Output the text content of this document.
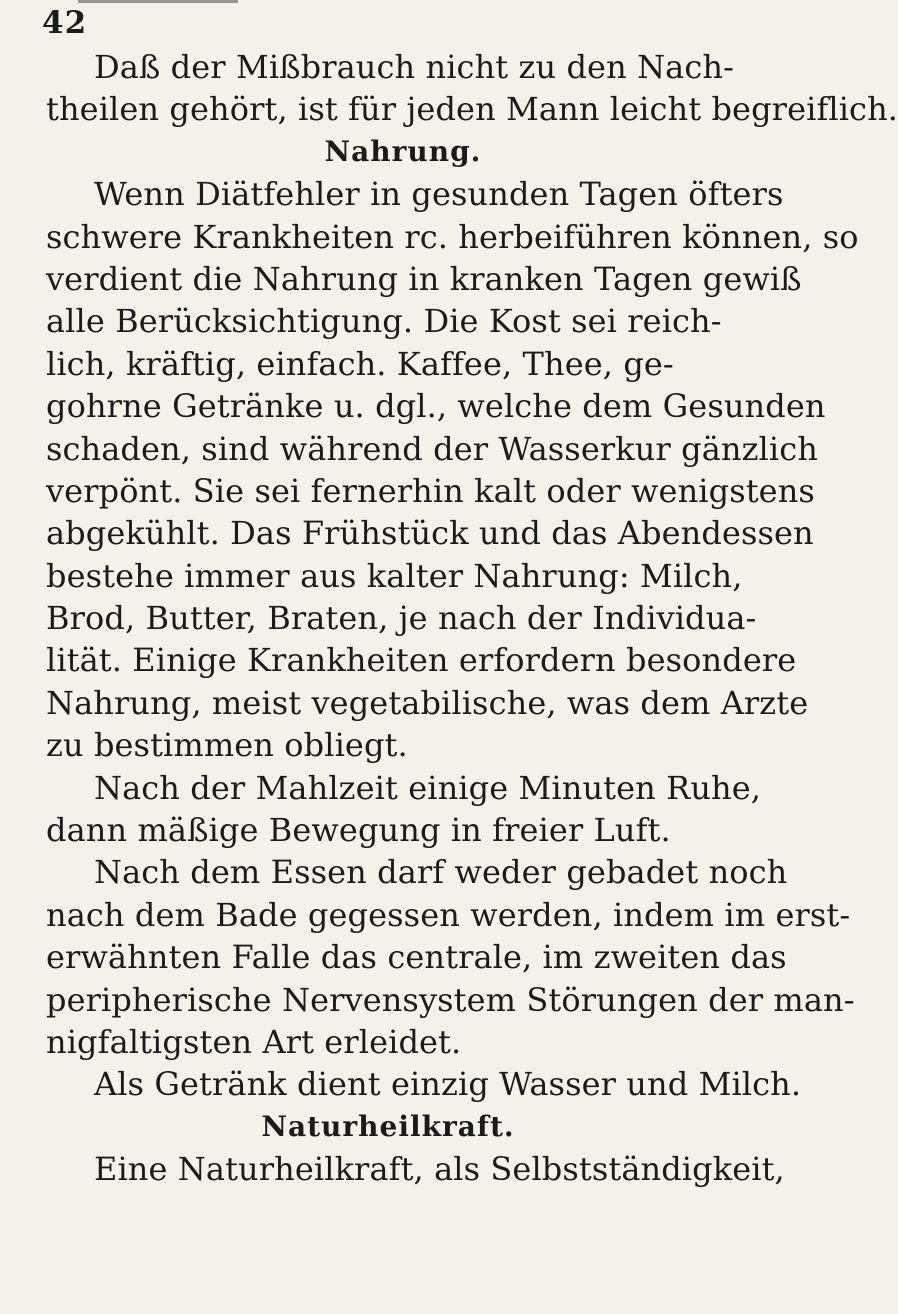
42
Daß der Mißbrauch nicht zu den Nach-
theilen gehört, ist für jeden Mann leicht begreiflich.
Nahrung.
Wenn Diätfehler in gesunden Tagen öfters
schwere Krankheiten rc. herbeiführen können, so
verdient die Nahrung in kranken Tagen gewiß
alle Berücksichtigung. Die Kost sei reich-
lich, kräftig, einfach. Kaffee, Thee, ge-
gohrne Getränke u. dgl., welche dem Gesunden
schaden, sind während der Wasserkur gänzlich
verpönt. Sie sei fernerhin kalt oder wenigstens
abgekühlt. Das Frühstück und das Abendessen
bestehe immer aus kalter Nahrung: Milch,
Brod, Butter, Braten, je nach der Individua-
lität. Einige Krankheiten erfordern besondere
Nahrung, meist vegetabilische, was dem Arzte
zu bestimmen obliegt.
Nach der Mahlzeit einige Minuten Ruhe,
dann mäßige Bewegung in freier Luft.
Nach dem Essen darf weder gebadet noch
nach dem Bade gegessen werden, indem im erst-
erwähnten Falle das centrale, im zweiten das
peripherische Nervensystem Störungen der man-
nigfaltigsten Art erleidet.
Als Getränk dient einzig Wasser und Milch.
Naturheilkraft.
Eine Naturheilkraft, als Selbstständigkeit,
